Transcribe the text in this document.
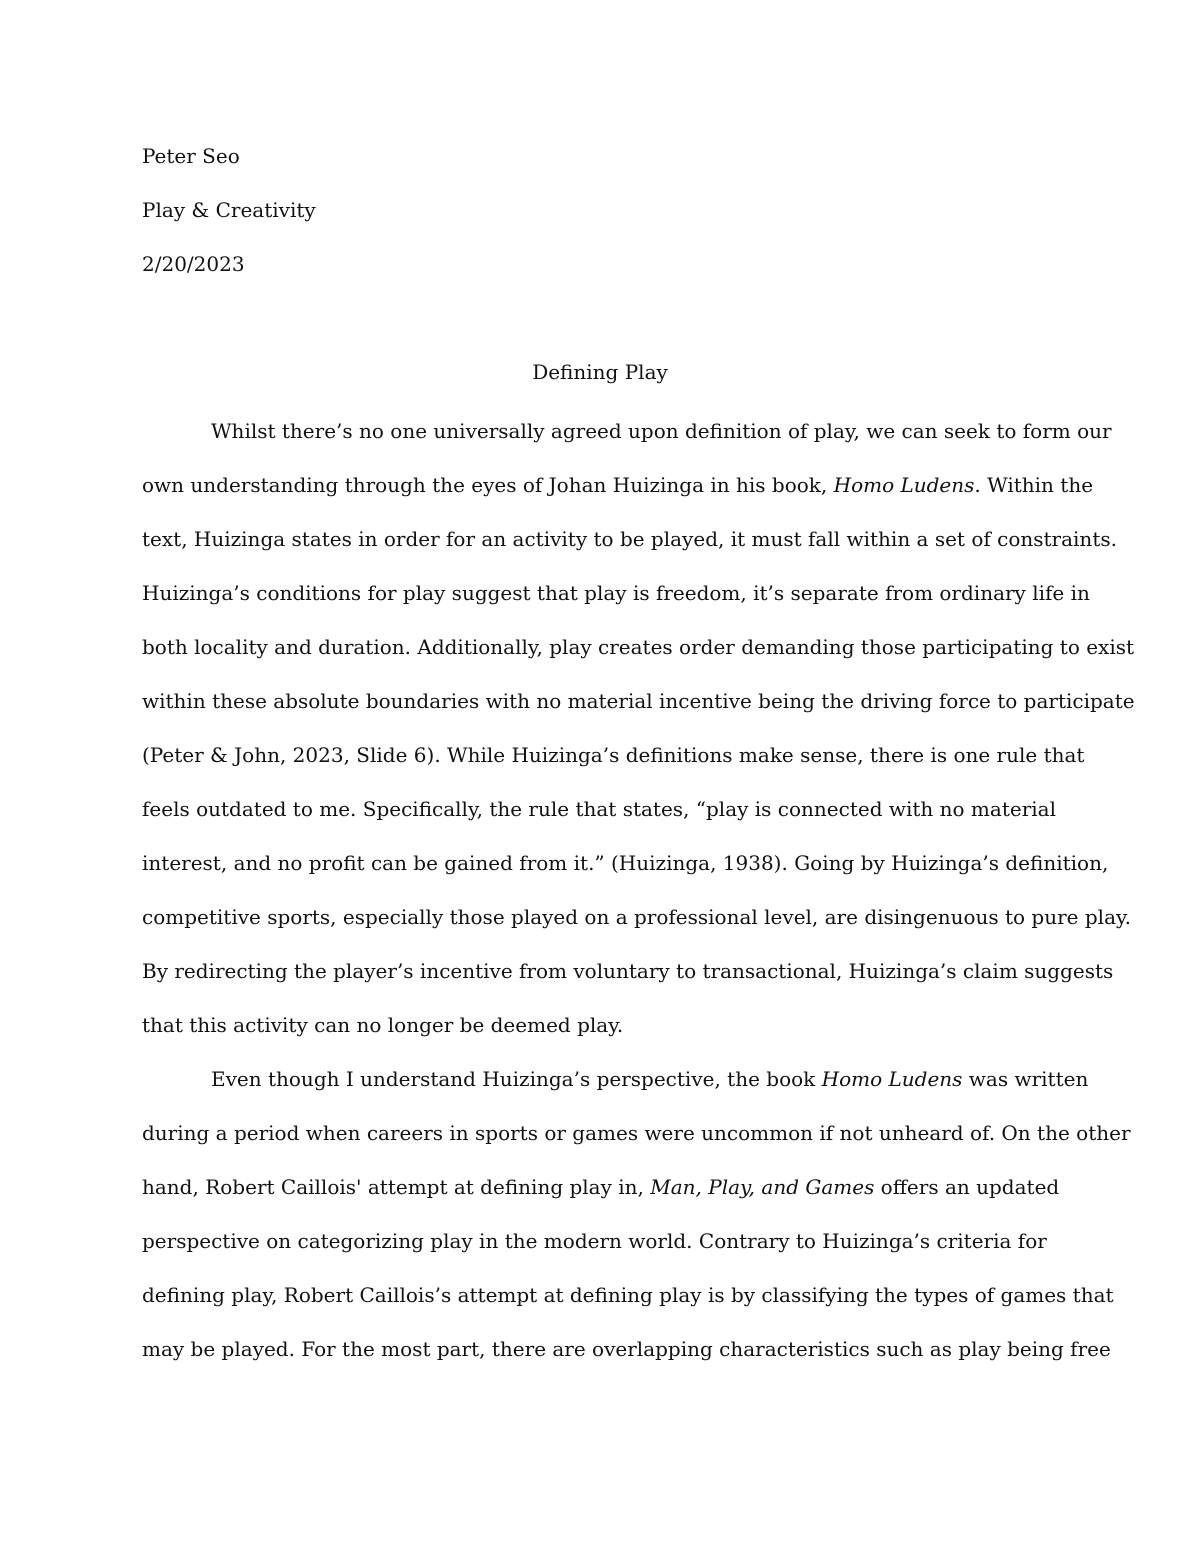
Peter Seo

Play & Creativity

2/20/2023

Defining Play

Whilst there’s no one universally agreed upon definition of play, we can seek to form our
own understanding through the eyes of Johan Huizinga in his book, Homo Ludens. Within the
text, Huizinga states in order for an activity to be played, it must fall within a set of constraints.
Huizinga’s conditions for play suggest that play is freedom, it’s separate from ordinary life in
both locality and duration. Additionally, play creates order demanding those participating to exist
within these absolute boundaries with no material incentive being the driving force to participate
(Peter & John, 2023, Slide 6). While Huizinga’s definitions make sense, there is one rule that
feels outdated to me. Specifically, the rule that states, “play is connected with no material
interest, and no profit can be gained from it.” (Huizinga, 1938). Going by Huizinga’s definition,
competitive sports, especially those played on a professional level, are disingenuous to pure play.
By redirecting the player’s incentive from voluntary to transactional, Huizinga’s claim suggests
that this activity can no longer be deemed play.

Even though I understand Huizinga’s perspective, the book Homo Ludens was written
during a period when careers in sports or games were uncommon if not unheard of. On the other
hand, Robert Caillois' attempt at defining play in, Man, Play, and Games offers an updated
perspective on categorizing play in the modern world. Contrary to Huizinga’s criteria for
defining play, Robert Caillois’s attempt at defining play is by classifying the types of games that
may be played. For the most part, there are overlapping characteristics such as play being free
